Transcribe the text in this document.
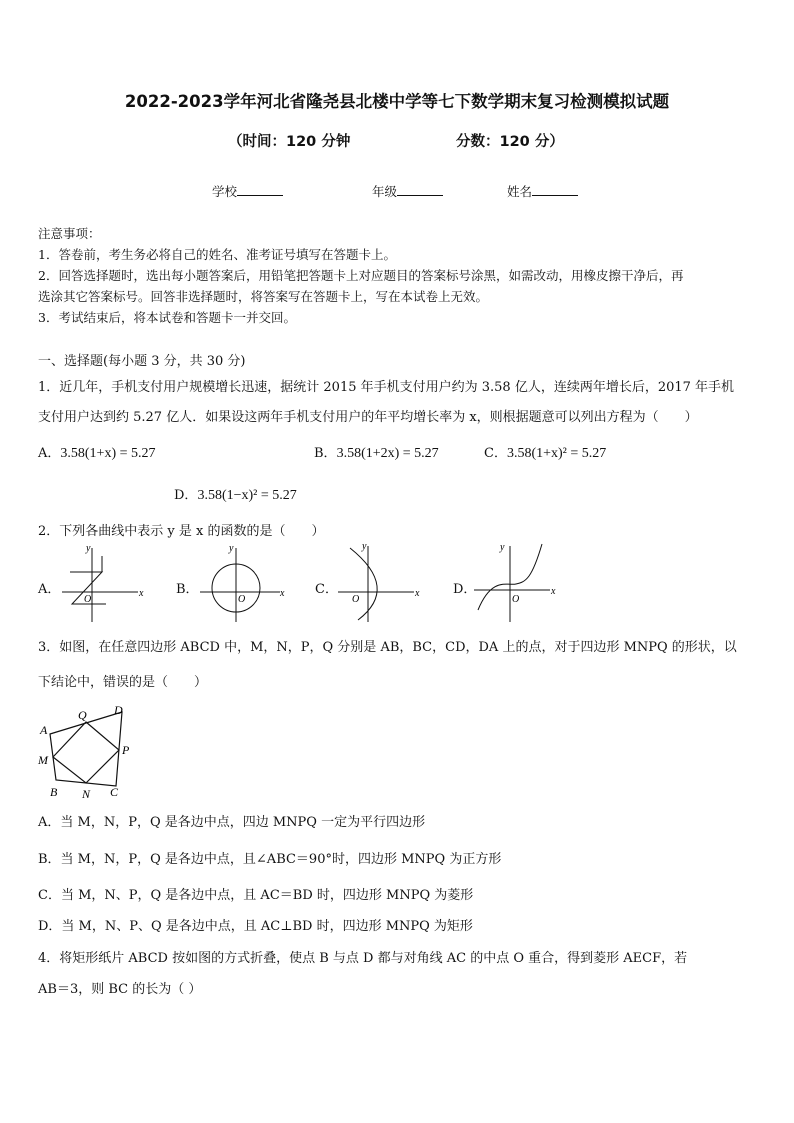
2022-2023学年河北省隆尧县北楼中学等七下数学期末复习检测模拟试题
（时间：120 分钟	分数：120 分）
学校	年级	姓名
注意事项：
1．答卷前，考生务必将自己的姓名、准考证号填写在答题卡上。
2．回答选择题时，选出每小题答案后，用铅笔把答题卡上对应题目的答案标号涂黑，如需改动，用橡皮擦干净后，再
选涂其它答案标号。回答非选择题时，将答案写在答题卡上，写在本试卷上无效。
3．考试结束后，将本试卷和答题卡一并交回。
一、选择题(每小题 3 分，共 30 分)
1．近几年，手机支付用户规模增长迅速，据统计 2015 年手机支付用户约为 3.58 亿人，连续两年增长后，2017 年手机
支付用户达到约 5.27 亿人．如果设这两年手机支付用户的年平均增长率为 x，则根据题意可以列出方程为（　　）
A．3.58(1+x) = 5.27	B．3.58(1+2x) = 5.27	C．3.58(1+x)² = 5.27
D．3.58(1−x)² = 5.27
2．下列各曲线中表示 y 是 x 的函数的是（　　）
A．	B．	C．	D．
x
y
O
x
y
O
x
y
O
x
y
O
3．如图，在任意四边形 ABCD 中，M，N，P，Q 分别是 AB，BC，CD，DA 上的点，对于四边形 MNPQ 的形状，以
下结论中，错误的是（　　）
A
D
Q
P
M
B N C
A．当 M，N，P，Q 是各边中点，四边 MNPQ 一定为平行四边形
B．当 M，N，P，Q 是各边中点，且∠ABC＝90°时，四边形 MNPQ 为正方形
C．当 M，N、P，Q 是各边中点，且 AC＝BD 时，四边形 MNPQ 为菱形
D．当 M，N、P、Q 是各边中点，且 AC⊥BD 时，四边形 MNPQ 为矩形
4．将矩形纸片 ABCD 按如图的方式折叠，使点 B 与点 D 都与对角线 AC 的中点 O 重合，得到菱形 AECF，若
AB＝3，则 BC 的长为（ ）
